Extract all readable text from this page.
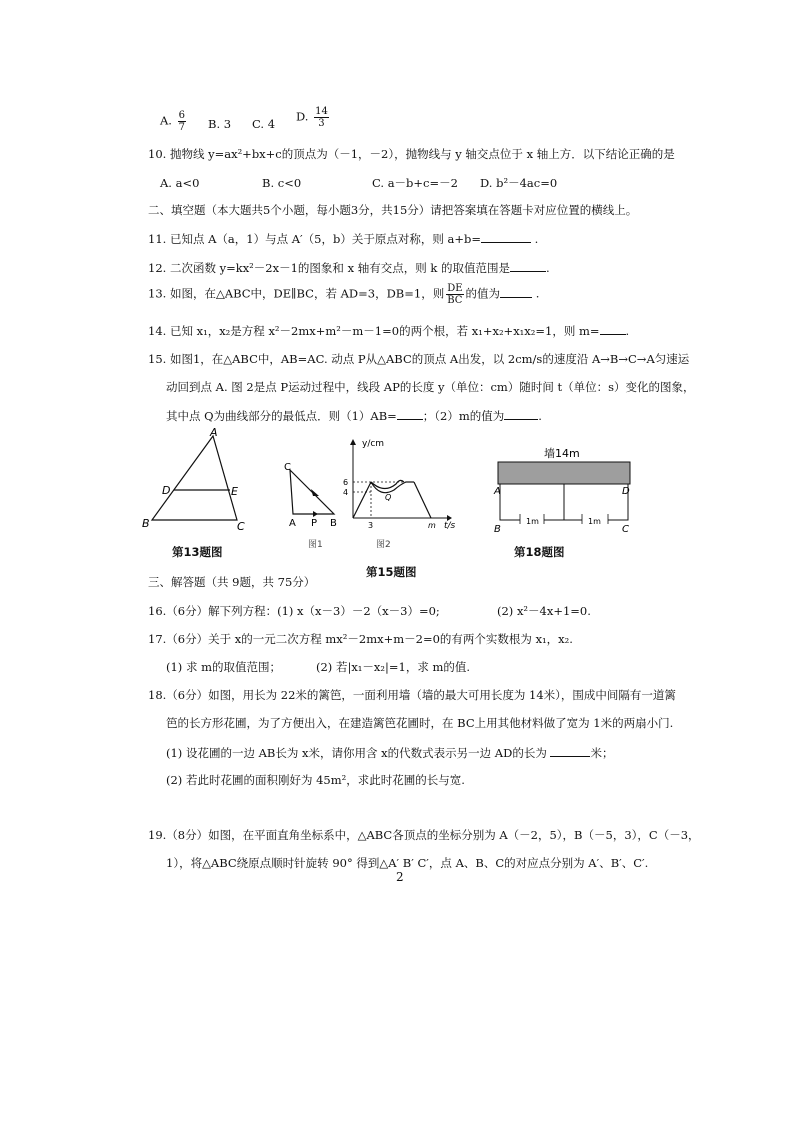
A. $\frac{6}{7} B$. 3 C. 4
D. $\frac{14}{3}$
10. 抛物线 y=ax²+bx+c的顶点为（－1，－2），抛物线与 y 轴交点位于 x 轴上方．以下结论正确的是
A. a<0	B. c<0	C. a－b+c=－2 D. b²－4ac=0
二、填空题（本大题共5个小题，每小题3分，共15分）请把答案填在答题卡对应位置的横线上。
11. 已知点 A（a，1）与点 A′（5，b）关于原点对称，则 a+b=	.
12. 二次函数 y=kx²－2x－1的图象和 x 轴有交点，则 k 的取值范围是	.
13. 如图，在△ABC中，DE∥BC，若 AD=3，DB=1，则 $\frac{DE}{BC}$ 的值为	.
14. 已知 x₁，x₂是方程 x²－2mx+m²－m－1=0的两个根，若 x₁+x₂+x₁x₂=1，则 m= .
15. 如图1，在△ABC中，AB=AC. 动点 P从△ABC的顶点 A出发，以 2cm/s的速度沿 A→B→C→A匀速运
动回到点 A. 图 2是点 P运动过程中，线段 AP的长度 y（单位：cm）随时间 t（单位：s）变化的图象，
其中点 Q为曲线部分的最低点．则（1）AB= ；（2）m的值为	.
A
B	C
D	E
第13题图
C
A P B
图1
y/cm
t/s
6
4
3	m
Q
图2
第15题图
墙14m
A	D
B	C
1m	1m
第18题图
三、解答题（共 9题，共 75分）
16.（6分）解下列方程：(1) x（x－3）－2（x－3）=0;	(2) x²－4x+1=0.
17.（6分）关于 x的一元二次方程 mx²－2mx+m－2=0的有两个实数根为 x₁，x₂.
(1) 求 m的取值范围；	(2) 若|x₁－x₂|=1，求 m的值.
18.（6分）如图，用长为 22米的篱笆，一面利用墙（墙的最大可用长度为 14米），围成中间隔有一道篱
笆的长方形花圃，为了方便出入，在建造篱笆花圃时，在 BC上用其他材料做了宽为 1米的两扇小门.
(1) 设花圃的一边 AB长为 x米，请你用含 x的代数式表示另一边 AD的长为	米；
(2) 若此时花圃的面积刚好为 45m²，求此时花圃的长与宽.
19.（8分）如图，在平面直角坐标系中，△ABC各顶点的坐标分别为 A（－2，5），B（－5，3），C（－3，
1），将△ABC绕原点顺时针旋转 90° 得到△A′ B′ C′，点 A、B、C的对应点分别为 A′、B′、C′.
2
